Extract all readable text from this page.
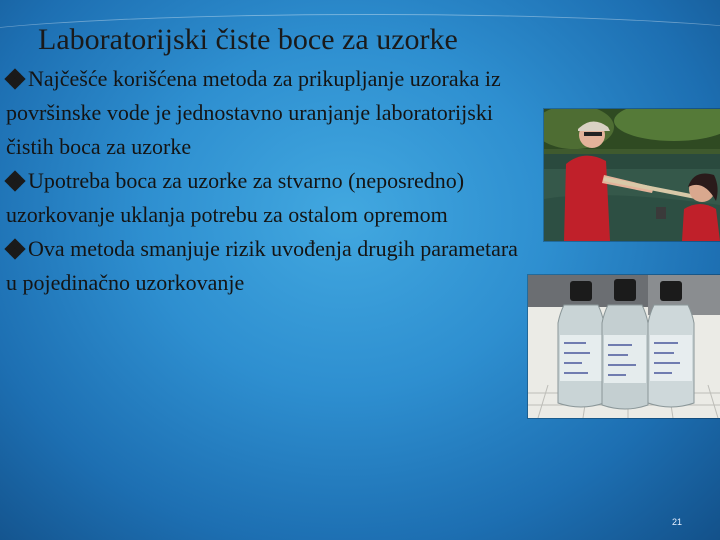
Laboratorijski čiste boce za uzorke
Najčešće korišćena metoda za prikupljanje uzoraka iz površinske vode je jednostavno uranjanje laboratorijski čistih boca za uzorke
Upotreba boca za uzorke za stvarno (neposredno) uzorkovanje uklanja potrebu za ostalom opremom
Ova metoda smanjuje rizik uvođenja drugih parametara u pojedinačno uzorkovanje
21
